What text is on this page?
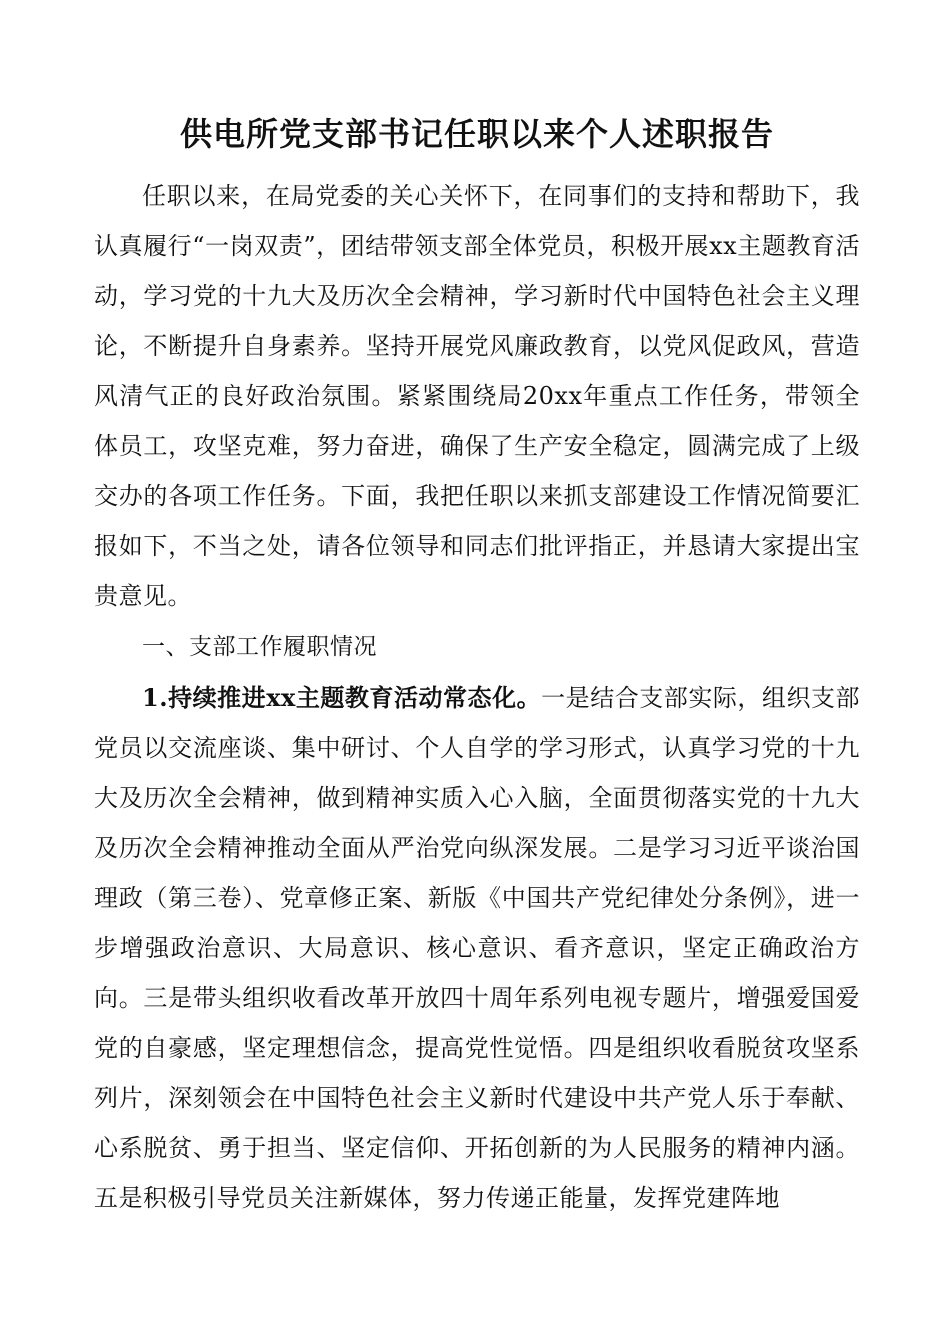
供电所党支部书记任职以来个人述职报告

任职以来，在局党委的关心关怀下，在同事们的支持和帮助下，我认真履行“一岗双责”，团结带领支部全体党员，积极开展xx主题教育活动，学习党的十九大及历次全会精神，学习新时代中国特色社会主义理论，不断提升自身素养。坚持开展党风廉政教育，以党风促政风，营造风清气正的良好政治氛围。紧紧围绕局20xx年重点工作任务，带领全体员工，攻坚克难，努力奋进，确保了生产安全稳定，圆满完成了上级交办的各项工作任务。下面，我把任职以来抓支部建设工作情况简要汇报如下，不当之处，请各位领导和同志们批评指正，并恳请大家提出宝贵意见。

一、支部工作履职情况

1.持续推进xx主题教育活动常态化。一是结合支部实际，组织支部党员以交流座谈、集中研讨、个人自学的学习形式，认真学习党的十九大及历次全会精神，做到精神实质入心入脑，全面贯彻落实党的十九大及历次全会精神推动全面从严治党向纵深发展。二是学习习近平谈治国理政（第三卷）、党章修正案、新版《中国共产党纪律处分条例》，进一步增强政治意识、大局意识、核心意识、看齐意识，坚定正确政治方向。三是带头组织收看改革开放四十周年系列电视专题片，增强爱国爱党的自豪感，坚定理想信念，提高党性觉悟。四是组织收看脱贫攻坚系列片，深刻领会在中国特色社会主义新时代建设中共产党人乐于奉献、心系脱贫、勇于担当、坚定信仰、开拓创新的为人民服务的精神内涵。五是积极引导党员关注新媒体，努力传递正能量，发挥党建阵地
